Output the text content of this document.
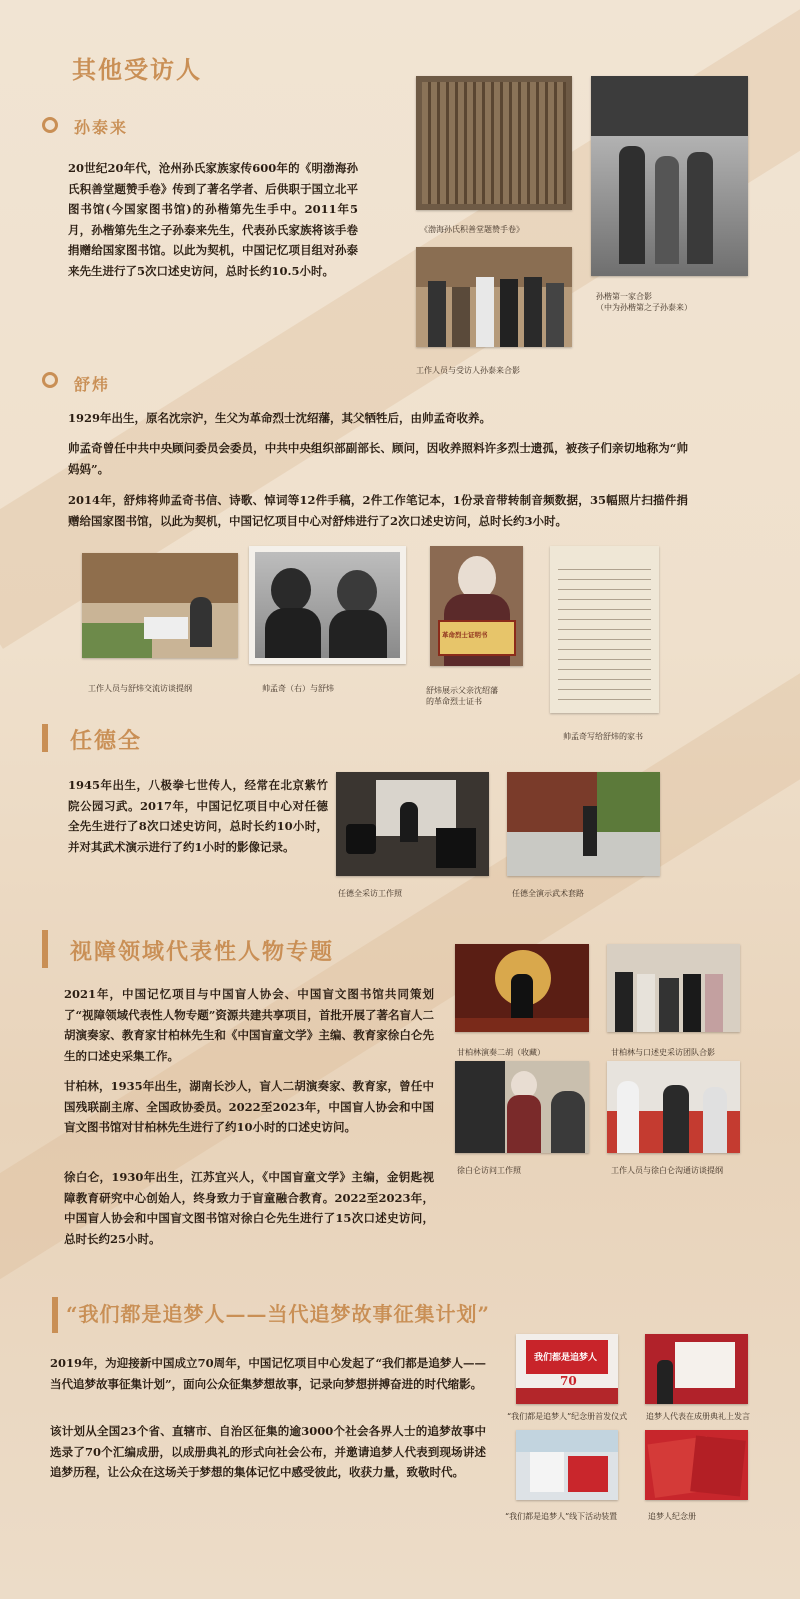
其他受访人
孙泰来
20世纪20年代，沧州孙氏家族家传600年的《明渤海孙氏积善堂题赞手卷》传到了著名学者、后供职于国立北平图书馆(今国家图书馆)的孙楷第先生手中。2011年5月，孙楷第先生之子孙泰来先生，代表孙氏家族将该手卷捐赠给国家图书馆。以此为契机，中国记忆项目组对孙泰来先生进行了5次口述史访问，总时长约10.5小时。
《渤海孙氏积善堂题赞手卷》
孙楷第一家合影
（中为孙楷第之子孙泰来）
工作人员与受访人孙泰来合影
舒炜
1929年出生，原名沈宗沪，生父为革命烈士沈绍藩，其父牺牲后，由帅孟奇收养。
帅孟奇曾任中共中央顾问委员会委员，中共中央组织部副部长、顾问，因收养照料许多烈士遗孤，被孩子们亲切地称为“帅妈妈”。
2014年，舒炜将帅孟奇书信、诗歌、悼词等12件手稿，2件工作笔记本，1份录音带转制音频数据，35幅照片扫描件捐赠给国家图书馆，以此为契机，中国记忆项目中心对舒炜进行了2次口述史访问，总时长约3小时。
工作人员与舒炜交流访谈提纲	帅孟奇（右）与舒炜
革命烈士证明书
舒炜展示父亲沈绍藩
的革命烈士证书
帅孟奇写给舒炜的家书
任德全
1945年出生，八极拳七世传人，经常在北京紫竹院公园习武。2017年，中国记忆项目中心对任德全先生进行了8次口述史访问，总时长约10小时，并对其武术演示进行了约1小时的影像记录。
任德全采访工作照	任德全演示武术套路
视障领域代表性人物专题
2021年，中国记忆项目与中国盲人协会、中国盲文图书馆共同策划了“视障领域代表性人物专题”资源共建共享项目，首批开展了著名盲人二胡演奏家、教育家甘柏林先生和《中国盲童文学》主编、教育家徐白仑先生的口述史采集工作。
甘柏林，1935年出生，湖南长沙人，盲人二胡演奏家、教育家，曾任中国残联副主席、全国政协委员。2022至2023年，中国盲人协会和中国盲文图书馆对甘柏林先生进行了约10小时的口述史访问。
徐白仑，1930年出生，江苏宜兴人，《中国盲童文学》主编，金钥匙视障教育研究中心创始人，终身致力于盲童融合教育。2022至2023年，中国盲人协会和中国盲文图书馆对徐白仑先生进行了15次口述史访问，总时长约25小时。
甘柏林演奏二胡（收藏）	甘柏林与口述史采访团队合影
徐白仑访问工作照	工作人员与徐白仑沟通访谈提纲
“我们都是追梦人——当代追梦故事征集计划”
2019年，为迎接新中国成立70周年，中国记忆项目中心发起了“我们都是追梦人——当代追梦故事征集计划”，面向公众征集梦想故事，记录向梦想拼搏奋进的时代缩影。
该计划从全国23个省、直辖市、自治区征集的逾3000个社会各界人士的追梦故事中选录了70个汇编成册，以成册典礼的形式向社会公布，并邀请追梦人代表到现场讲述追梦历程，让公众在这场关于梦想的集体记忆中感受彼此，收获力量，致敬时代。
我们都是追梦人
70
“我们都是追梦人”纪念册首发仪式 追梦人代表在成册典礼上发言
“我们都是追梦人”线下活动装置	追梦人纪念册
